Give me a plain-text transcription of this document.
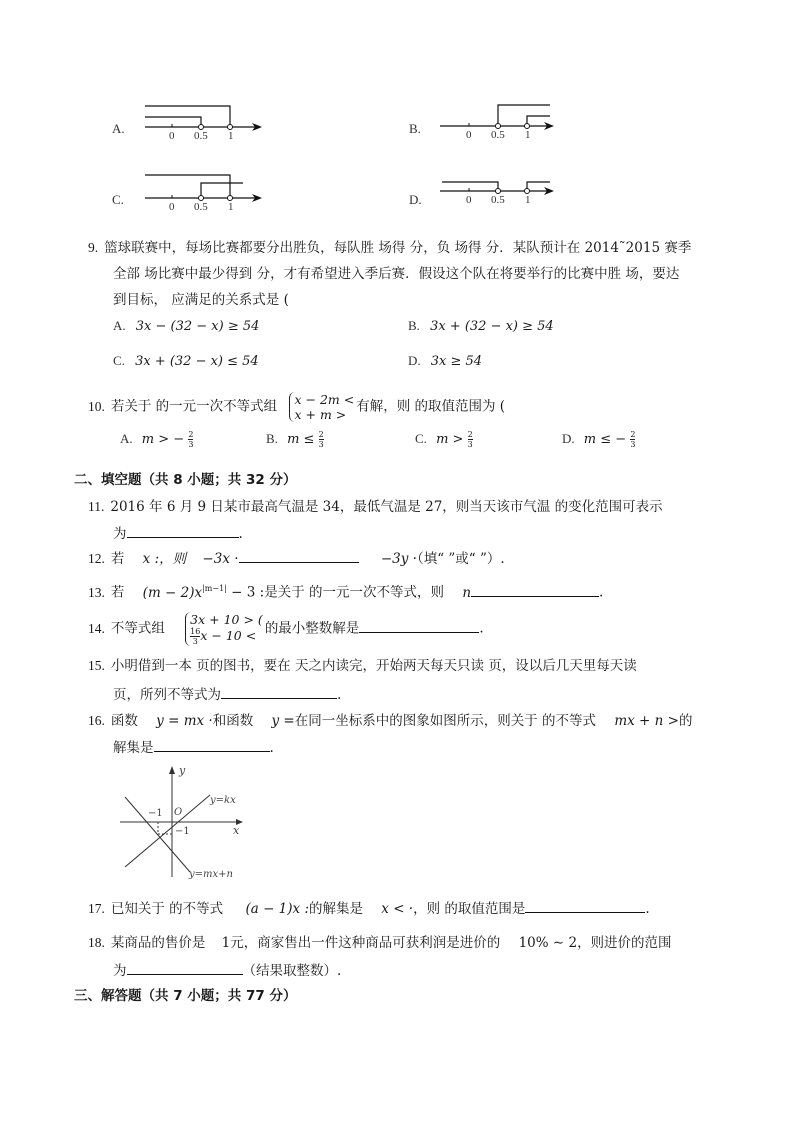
A.	0 0.5 1	B.	0 0.5 1
C.	0 0.5 1	D.	0 0.5 1
9. 篮球联赛中，每场比赛都要分出胜负，每队胜 场得 分，负 场得 分．某队预计在 2014˜2015 赛季
全部 场比赛中最少得到 分，才有希望进入季后赛．假设这个队在将要举行的比赛中胜 场，要达
到目标， 应满足的关系式是 (
A. 3x − (32 − x) ≥ 54	B. 3x + (32 − x) ≥ 54
C. 3x + (32 − x) ≤ 54	D. 3x ≥ 54
10. 若关于 的一元一次不等式组 x − 2m <
x + m > 有解，则 的取值范围为 (
A. m > − $\frac{2}{3}$	B. $m \le \frac{2}{3}$	C. $m > \frac{2}{3}$	D. m ≤ − $\frac{2}{3}$
二、填空题（共 8 小题；共 32 分）
11. 2016 年 6 月 9 日某市最高气温是 34，最低气温是 27，则当天该市气温 的变化范围可表示
为	.
12. 若 x :，则 −3x ·	−3y ·（填“ ”或“ ”）.
13. 若 $(m - 2)x^{|m-1|} - 3$ :是关于 的一元一次不等式，则 n	.
14. 不等式组
3x + 10 > (
$\frac{16}{3}$ x − 10 < 的最小整数解是	.
15. 小明借到一本 页的图书，要在 天之内读完，开始两天每天只读 页，设以后几天里每天读
页，所列不等式为	.
16. 函数 y = mx ·和函数 y =在同一坐标系中的图象如图所示，则关于 的不等式 mx + n >的
解集是	.
y
x
O
−1
−1
y=kx
y=mx+n
17. 已知关于 的不等式 (a − 1)x :的解集是 x < ·，则 的取值范围是	.
18. 某商品的售价是 1元，商家售出一件这种商品可获利润是进价的 10% ∼ 2，则进价的范围
为	（结果取整数）.
三、解答题（共 7 小题；共 77 分）
